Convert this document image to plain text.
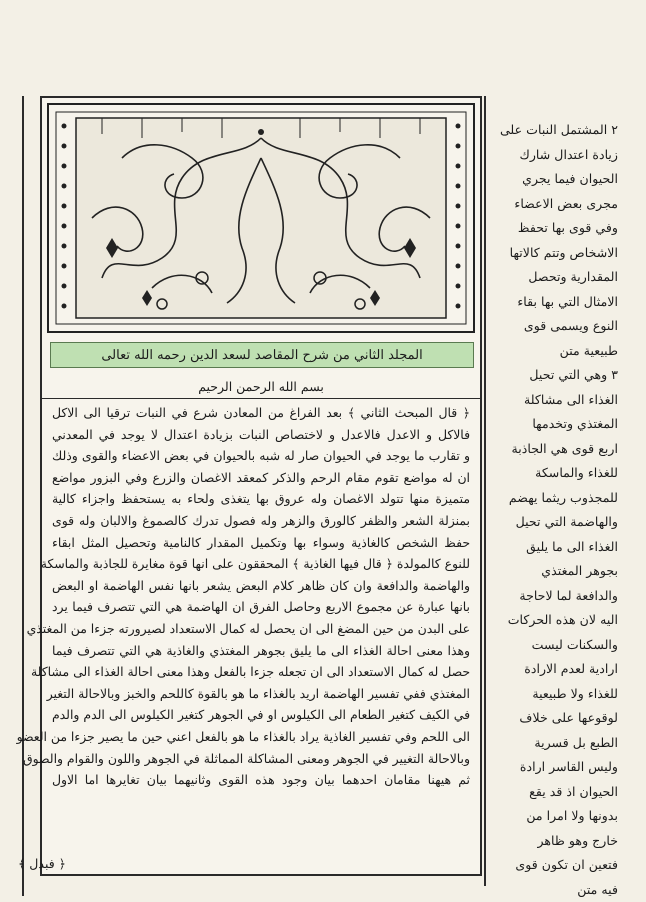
المجلد الثاني من شرح المقاصد لسعد الدين رحمه الله تعالى
بسم الله الرحمن الرحيم
﴿ قال المبحث الثاني ﴾ بعد الفراغ من المعادن شرع في النبات ترقيا الى الاكل
فالاكل و الاعدل فالاعدل و لاختصاص النبات بزيادة اعتدال لا يوجد في المعدني
و تقارب ما يوجد في الحيوان صار له شبه بالحيوان في بعض الاعضاء والقوى وذلك
ان له مواضع تقوم مقام الرحم والذكر كمعقد الاغصان والزرع وفي البزور مواضع
متميزة منها تتولد الاغصان وله عروق بها يتغذى ولحاء به يستحفظ واجزاء كالية
بمنزلة الشعر والظفر كالورق والزهر وله فصول تدرك كالصموغ والالبان وله قوى
حفظ الشخص كالغاذية وسواء بها وتكميل المقدار كالنامية وتحصيل المثل ابقاء
للنوع كالمولدة ﴿ قال فيها الغاذية ﴾ المحققون على انها قوة مغايرة للجاذبة والماسكة
والهاضمة والدافعة وان كان ظاهر كلام البعض يشعر بانها نفس الهاضمة او البعض
بانها عبارة عن مجموع الاربع وحاصل الفرق ان الهاضمة هي التي تتصرف فيما يرد
على البدن من حين المضغ الى ان يحصل له كمال الاستعداد لصيرورته جزءا من المغتذي
وهذا معنى احالة الغذاء الى ما يليق بجوهر المغتذي والغاذية هي التي تتصرف فيما
حصل له كمال الاستعداد الى ان تجعله جزءا بالفعل وهذا معنى احالة الغذاء الى مشاكلة
المغتذي ففي تفسير الهاضمة اريد بالغذاء ما هو بالقوة كاللحم والخبز وبالاحالة التغير
في الكيف كتغير الطعام الى الكيلوس او في الجوهر كتغير الكيلوس الى الدم والدم
الى اللحم وفي تفسير الغاذية يراد بالغذاء ما هو بالفعل اعني حين ما يصير جزءا من العضو
وبالاحالة التغيير في الجوهر ومعنى المشاكلة المماثلة في الجوهر واللون والقوام والصوق
ثم هيهنا مقامان احدهما بيان وجود هذه القوى وثانيهما بيان تغايرها اما الاول
﴿ فبدل ﴾
٢ المشتمل النبات على
زيادة اعتدال شارك
الحيوان فيما يجري
مجرى بعض الاعضاء
وفي قوى بها تحفظ
الاشخاص وتتم كالاتها
المقدارية وتحصل
الامثال التي بها بقاء
النوع ويسمى قوى
طبيعية متن
٣ وهي التي تحيل
الغذاء الى مشاكلة
المغتذي وتخدمها
اربع قوى هي الجاذبة
للغذاء والماسكة
للمجذوب ريثما يهضم
والهاضمة التي تحيل
الغذاء الى ما يليق
بجوهر المغتذي
والدافعة لما لاحاجة
اليه لان هذه الحركات
والسكنات ليست
ارادية لعدم الارادة
للغذاء ولا طبيعية
لوقوعها على خلاف
الطبع بل قسرية
وليس القاسر ارادة
الحيوان اذ قد يقع
بدونها ولا امرا من
خارج وهو ظاهر
فتعين ان تكون قوى
فيه متن
